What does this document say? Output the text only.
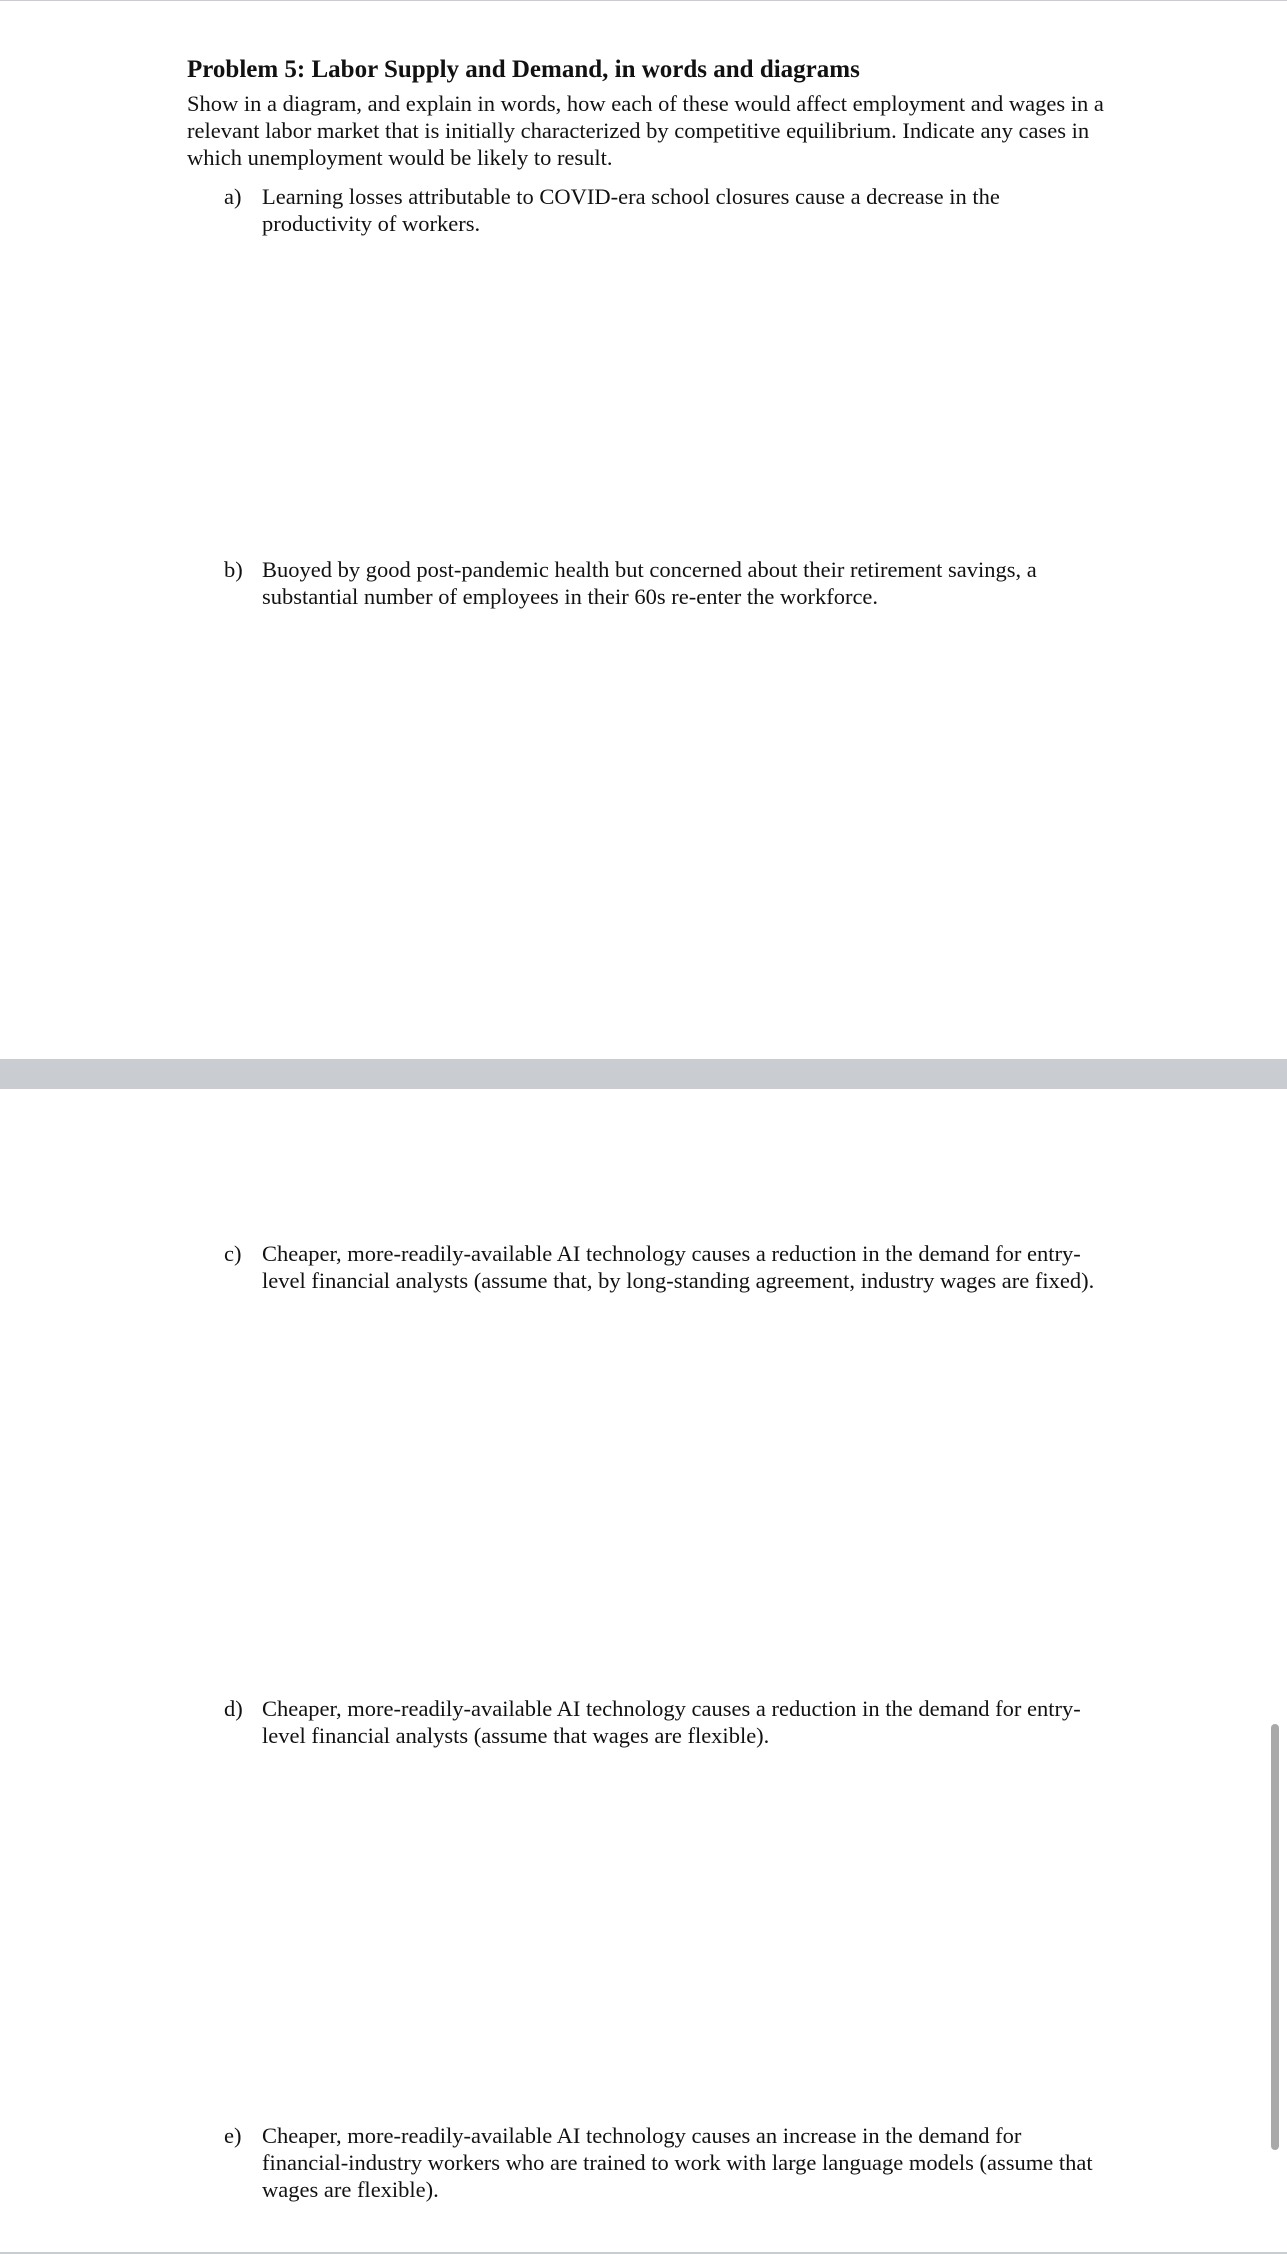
Problem 5: Labor Supply and Demand, in words and diagrams

Show in a diagram, and explain in words, how each of these would affect employment and wages in a relevant labor market that is initially characterized by competitive equilibrium. Indicate any cases in which unemployment would be likely to result.

a) Learning losses attributable to COVID-era school closures cause a decrease in the productivity of workers.
b) Buoyed by good post-pandemic health but concerned about their retirement savings, a substantial number of employees in their 60s re-enter the workforce.
c) Cheaper, more-readily-available AI technology causes a reduction in the demand for entry-level financial analysts (assume that, by long-standing agreement, industry wages are fixed).
d) Cheaper, more-readily-available AI technology causes a reduction in the demand for entry-level financial analysts (assume that wages are flexible).
e) Cheaper, more-readily-available AI technology causes an increase in the demand for financial-industry workers who are trained to work with large language models (assume that wages are flexible).
